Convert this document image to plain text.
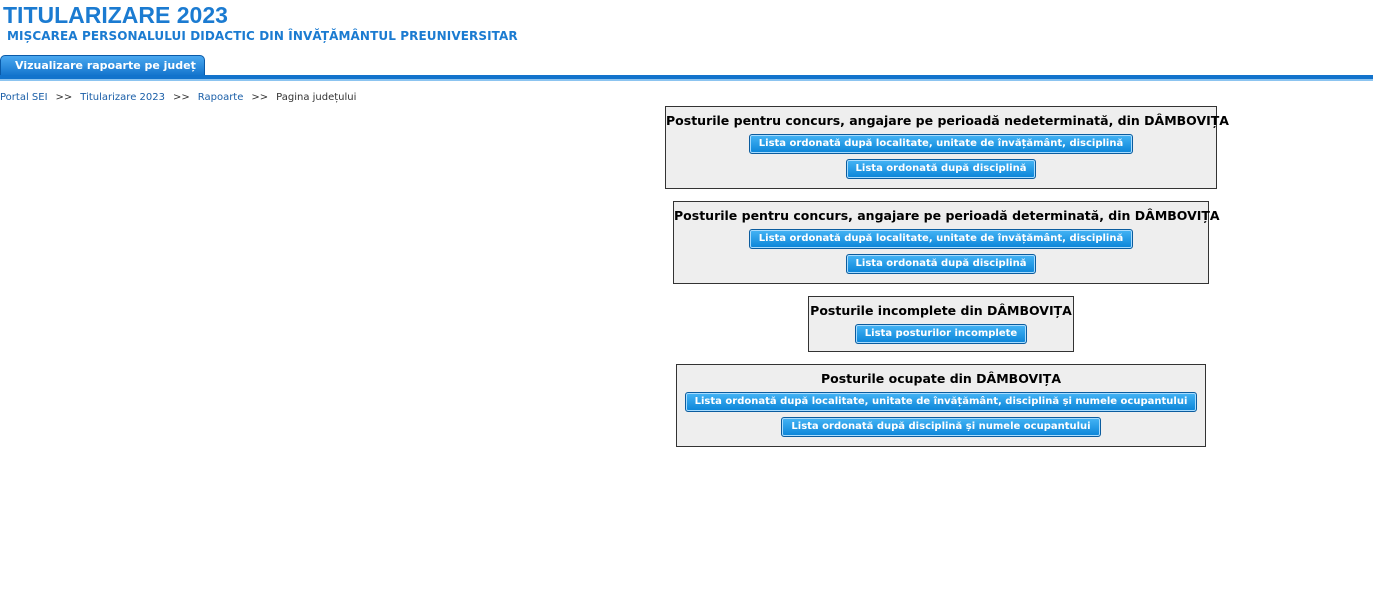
TITULARIZARE 2023
MIȘCAREA PERSONALULUI DIDACTIC DIN ÎNVĂȚĂMÂNTUL PREUNIVERSITAR
Vizualizare rapoarte pe județ
Portal SEI >> Titularizare 2023 >> Rapoarte >> Pagina județului
Posturile pentru concurs, angajare pe perioadă nedeterminată, din DÂMBOVIȚA
Lista ordonată după localitate, unitate de învățământ, disciplină
Lista ordonată după disciplină
Posturile pentru concurs, angajare pe perioadă determinată, din DÂMBOVIȚA
Lista ordonată după localitate, unitate de învățământ, disciplină
Lista ordonată după disciplină
Posturile incomplete din DÂMBOVIȚA
Lista posturilor incomplete
Posturile ocupate din DÂMBOVIȚA
Lista ordonată după localitate, unitate de învățământ, disciplină și numele ocupantului
Lista ordonată după disciplină și numele ocupantului
